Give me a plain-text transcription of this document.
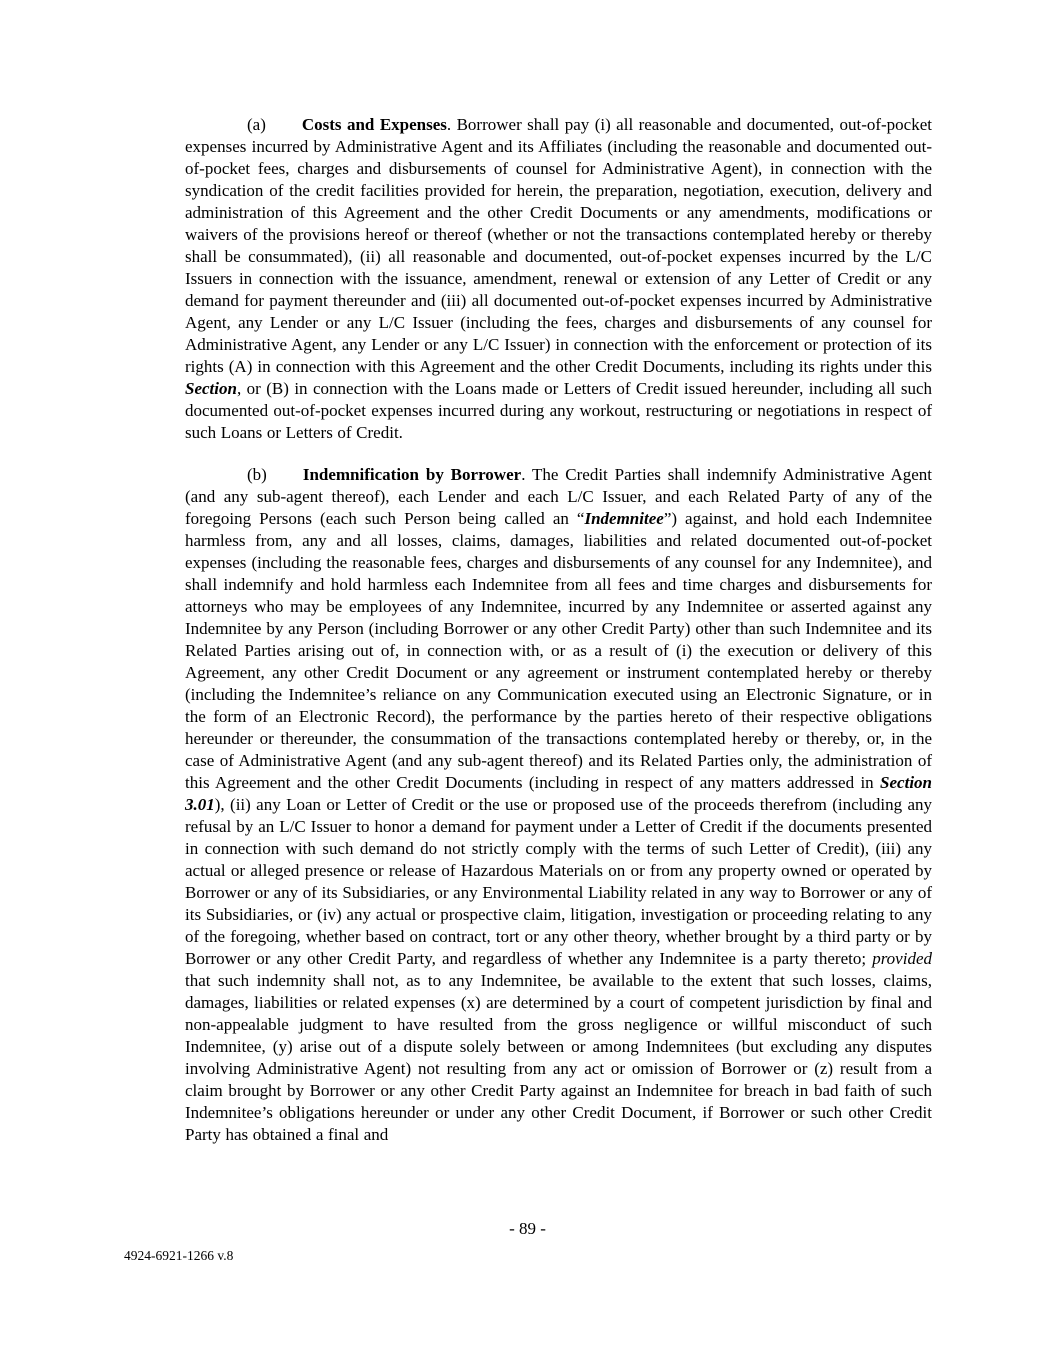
(a) Costs and Expenses. Borrower shall pay (i) all reasonable and documented, out-of-pocket expenses incurred by Administrative Agent and its Affiliates (including the reasonable and documented out-of-pocket fees, charges and disbursements of counsel for Administrative Agent), in connection with the syndication of the credit facilities provided for herein, the preparation, negotiation, execution, delivery and administration of this Agreement and the other Credit Documents or any amendments, modifications or waivers of the provisions hereof or thereof (whether or not the transactions contemplated hereby or thereby shall be consummated), (ii) all reasonable and documented, out-of-pocket expenses incurred by the L/C Issuers in connection with the issuance, amendment, renewal or extension of any Letter of Credit or any demand for payment thereunder and (iii) all documented out-of-pocket expenses incurred by Administrative Agent, any Lender or any L/C Issuer (including the fees, charges and disbursements of any counsel for Administrative Agent, any Lender or any L/C Issuer) in connection with the enforcement or protection of its rights (A) in connection with this Agreement and the other Credit Documents, including its rights under this Section, or (B) in connection with the Loans made or Letters of Credit issued hereunder, including all such documented out-of-pocket expenses incurred during any workout, restructuring or negotiations in respect of such Loans or Letters of Credit.

(b) Indemnification by Borrower. The Credit Parties shall indemnify Administrative Agent (and any sub-agent thereof), each Lender and each L/C Issuer, and each Related Party of any of the foregoing Persons (each such Person being called an “Indemnitee”) against, and hold each Indemnitee harmless from, any and all losses, claims, damages, liabilities and related documented out-of-pocket expenses (including the reasonable fees, charges and disbursements of any counsel for any Indemnitee), and shall indemnify and hold harmless each Indemnitee from all fees and time charges and disbursements for attorneys who may be employees of any Indemnitee, incurred by any Indemnitee or asserted against any Indemnitee by any Person (including Borrower or any other Credit Party) other than such Indemnitee and its Related Parties arising out of, in connection with, or as a result of (i) the execution or delivery of this Agreement, any other Credit Document or any agreement or instrument contemplated hereby or thereby (including the Indemnitee’s reliance on any Communication executed using an Electronic Signature, or in the form of an Electronic Record), the performance by the parties hereto of their respective obligations hereunder or thereunder, the consummation of the transactions contemplated hereby or thereby, or, in the case of Administrative Agent (and any sub-agent thereof) and its Related Parties only, the administration of this Agreement and the other Credit Documents (including in respect of any matters addressed in Section 3.01), (ii) any Loan or Letter of Credit or the use or proposed use of the proceeds therefrom (including any refusal by an L/C Issuer to honor a demand for payment under a Letter of Credit if the documents presented in connection with such demand do not strictly comply with the terms of such Letter of Credit), (iii) any actual or alleged presence or release of Hazardous Materials on or from any property owned or operated by Borrower or any of its Subsidiaries, or any Environmental Liability related in any way to Borrower or any of its Subsidiaries, or (iv) any actual or prospective claim, litigation, investigation or proceeding relating to any of the foregoing, whether based on contract, tort or any other theory, whether brought by a third party or by Borrower or any other Credit Party, and regardless of whether any Indemnitee is a party thereto; provided that such indemnity shall not, as to any Indemnitee, be available to the extent that such losses, claims, damages, liabilities or related expenses (x) are determined by a court of competent jurisdiction by final and non-appealable judgment to have resulted from the gross negligence or willful misconduct of such Indemnitee, (y) arise out of a dispute solely between or among Indemnitees (but excluding any disputes involving Administrative Agent) not resulting from any act or omission of Borrower or (z) result from a claim brought by Borrower or any other Credit Party against an Indemnitee for breach in bad faith of such Indemnitee’s obligations hereunder or under any other Credit Document, if Borrower or such other Credit Party has obtained a final and

- 89 -
4924-6921-1266 v.8
